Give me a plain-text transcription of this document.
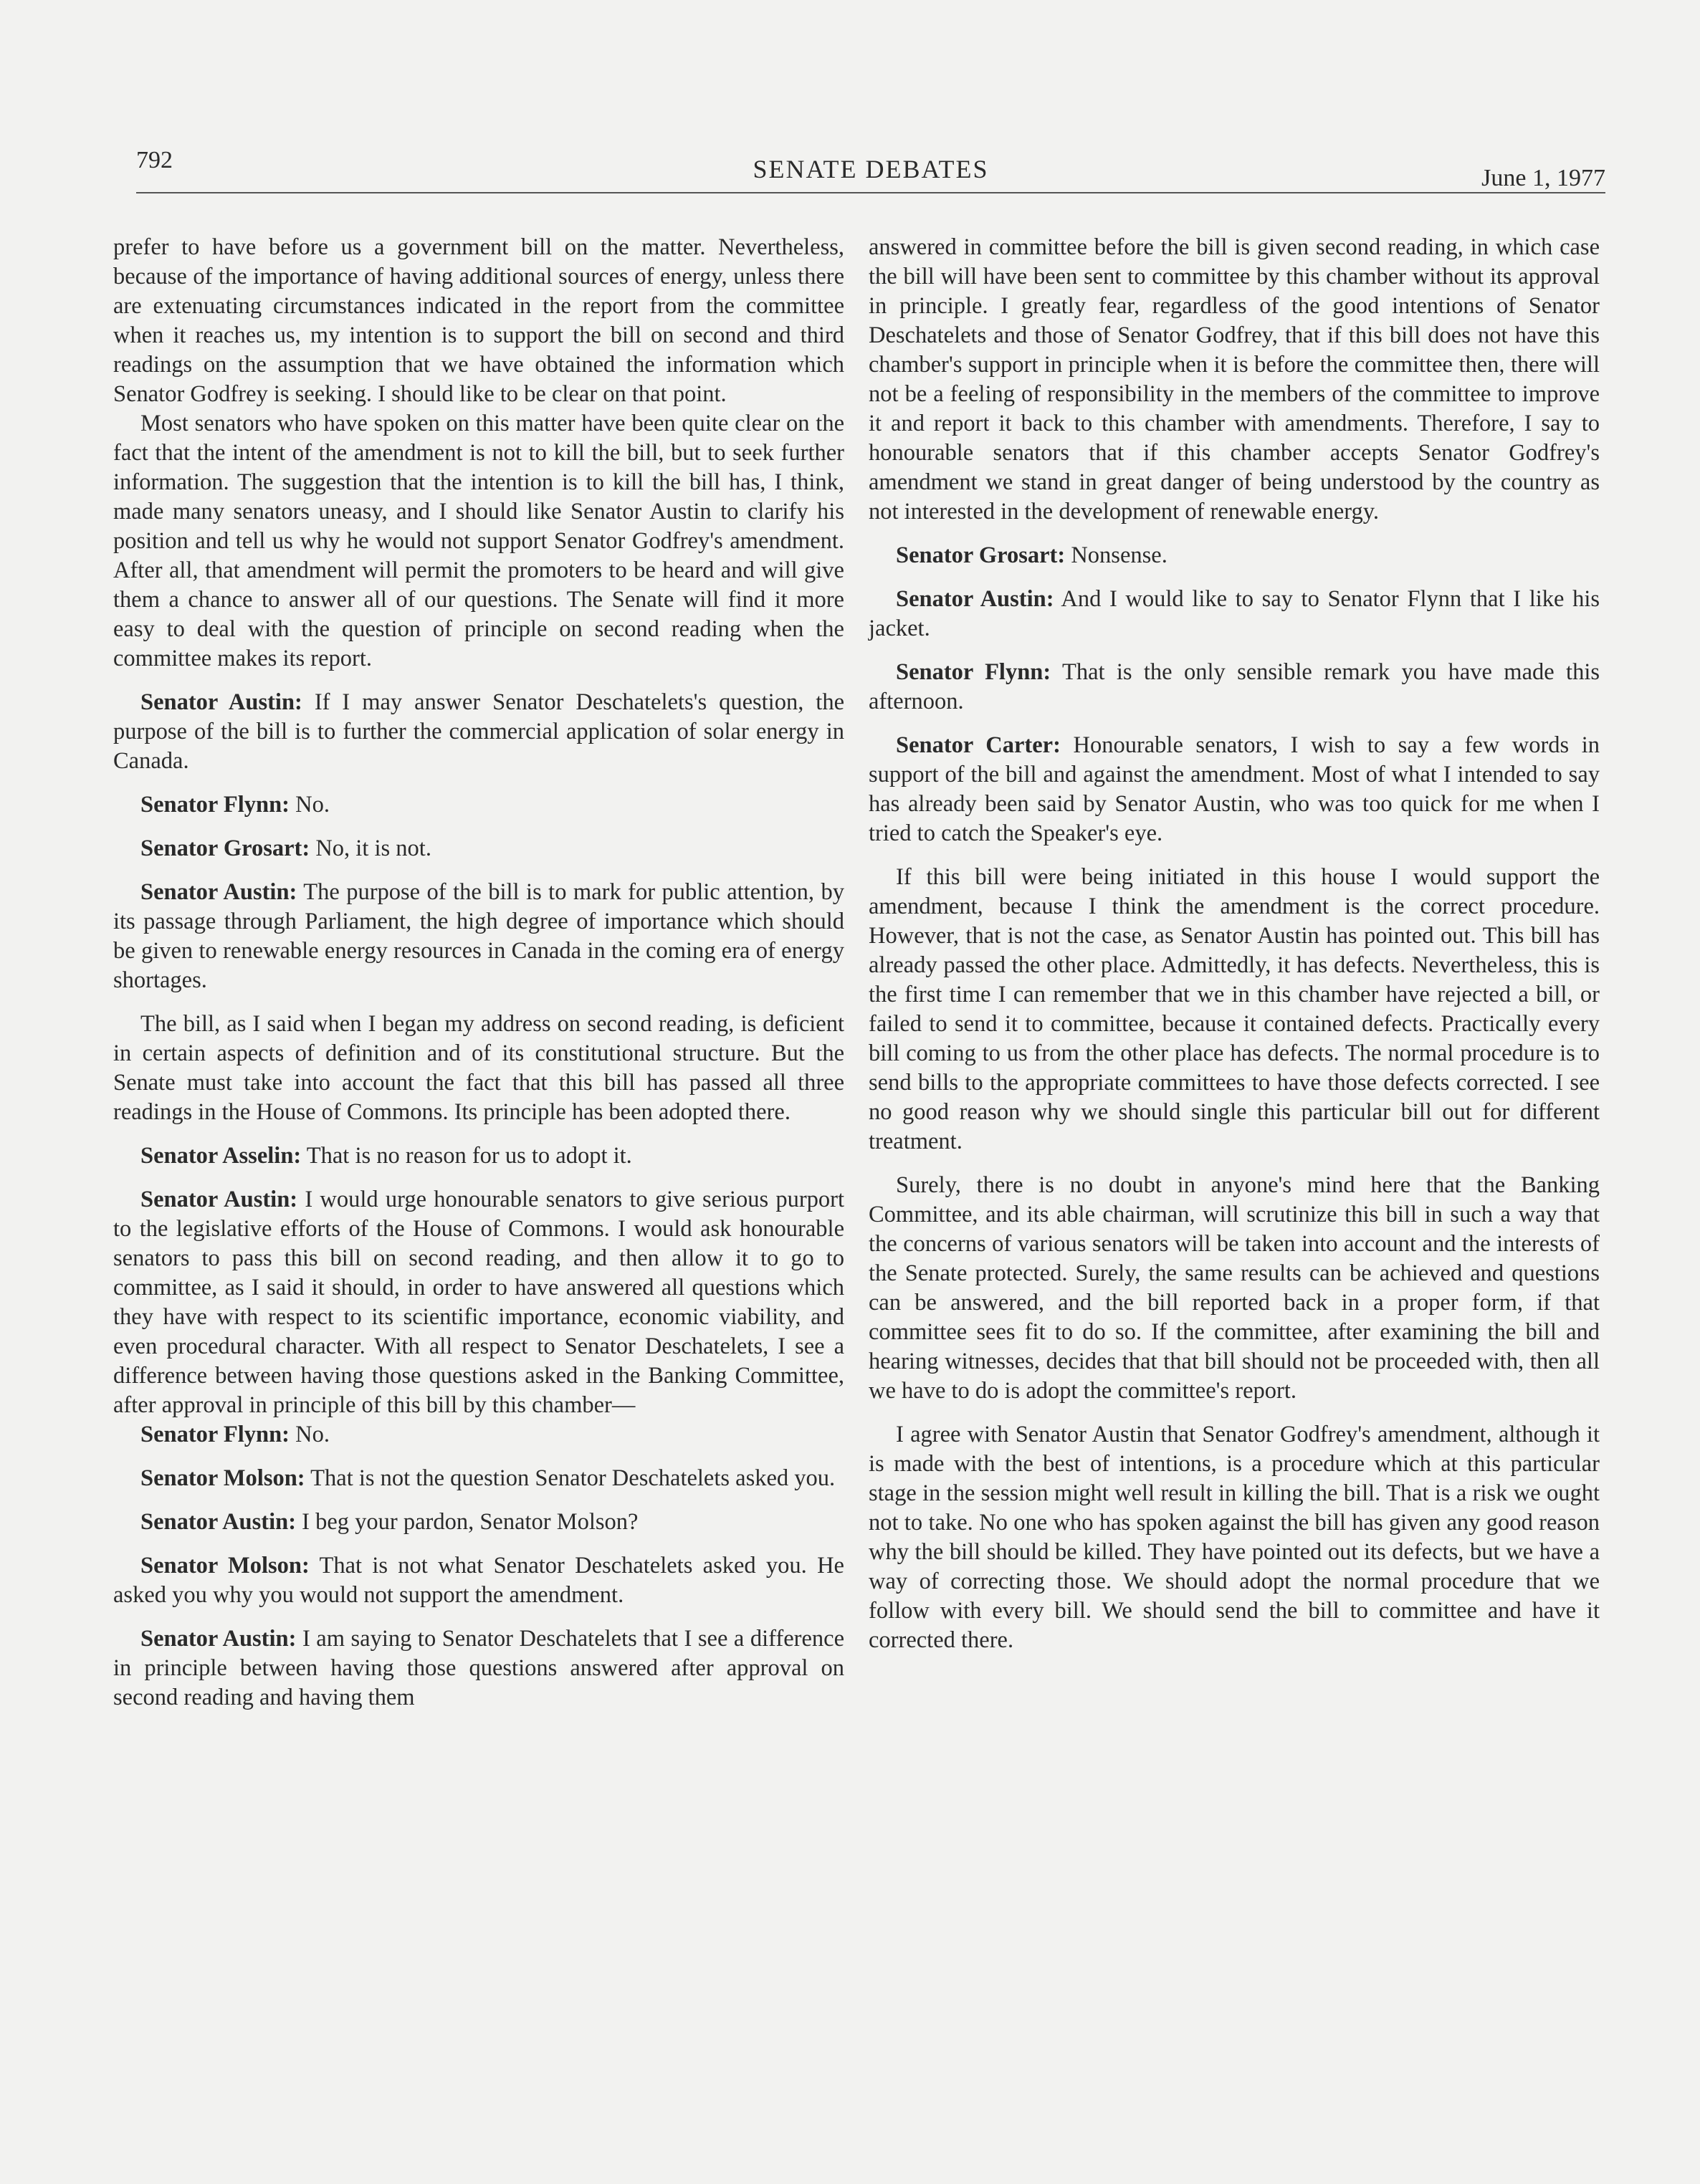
792	SENATE DEBATES	June 1, 1977

prefer to have before us a government bill on the matter. Nevertheless, because of the importance of having additional sources of energy, unless there are extenuating circumstances indicated in the report from the committee when it reaches us, my intention is to support the bill on second and third readings on the assumption that we have obtained the information which Senator Godfrey is seeking. I should like to be clear on that point.

Most senators who have spoken on this matter have been quite clear on the fact that the intent of the amendment is not to kill the bill, but to seek further information. The suggestion that the intention is to kill the bill has, I think, made many senators uneasy, and I should like Senator Austin to clarify his position and tell us why he would not support Senator Godfrey's amendment. After all, that amendment will permit the promoters to be heard and will give them a chance to answer all of our questions. The Senate will find it more easy to deal with the question of principle on second reading when the committee makes its report.

Senator Austin: If I may answer Senator Deschatelets's question, the purpose of the bill is to further the commercial application of solar energy in Canada.

Senator Flynn: No.

Senator Grosart: No, it is not.

Senator Austin: The purpose of the bill is to mark for public attention, by its passage through Parliament, the high degree of importance which should be given to renewable energy resources in Canada in the coming era of energy shortages.

The bill, as I said when I began my address on second reading, is deficient in certain aspects of definition and of its constitutional structure. But the Senate must take into account the fact that this bill has passed all three readings in the House of Commons. Its principle has been adopted there.

Senator Asselin: That is no reason for us to adopt it.

Senator Austin: I would urge honourable senators to give serious purport to the legislative efforts of the House of Commons. I would ask honourable senators to pass this bill on second reading, and then allow it to go to committee, as I said it should, in order to have answered all questions which they have with respect to its scientific importance, economic viability, and even procedural character. With all respect to Senator Deschatelets, I see a difference between having those questions asked in the Banking Committee, after approval in principle of this bill by this chamber—

Senator Flynn: No.

Senator Molson: That is not the question Senator Deschatelets asked you.

Senator Austin: I beg your pardon, Senator Molson?

Senator Molson: That is not what Senator Deschatelets asked you. He asked you why you would not support the amendment.

Senator Austin: I am saying to Senator Deschatelets that I see a difference in principle between having those questions answered after approval on second reading and having them

answered in committee before the bill is given second reading, in which case the bill will have been sent to committee by this chamber without its approval in principle. I greatly fear, regardless of the good intentions of Senator Deschatelets and those of Senator Godfrey, that if this bill does not have this chamber's support in principle when it is before the committee then, there will not be a feeling of responsibility in the members of the committee to improve it and report it back to this chamber with amendments. Therefore, I say to honourable senators that if this chamber accepts Senator Godfrey's amendment we stand in great danger of being understood by the country as not interested in the development of renewable energy.

Senator Grosart: Nonsense.

Senator Austin: And I would like to say to Senator Flynn that I like his jacket.

Senator Flynn: That is the only sensible remark you have made this afternoon.

Senator Carter: Honourable senators, I wish to say a few words in support of the bill and against the amendment. Most of what I intended to say has already been said by Senator Austin, who was too quick for me when I tried to catch the Speaker's eye.

If this bill were being initiated in this house I would support the amendment, because I think the amendment is the correct procedure. However, that is not the case, as Senator Austin has pointed out. This bill has already passed the other place. Admittedly, it has defects. Nevertheless, this is the first time I can remember that we in this chamber have rejected a bill, or failed to send it to committee, because it contained defects. Practically every bill coming to us from the other place has defects. The normal procedure is to send bills to the appropriate committees to have those defects corrected. I see no good reason why we should single this particular bill out for different treatment.

Surely, there is no doubt in anyone's mind here that the Banking Committee, and its able chairman, will scrutinize this bill in such a way that the concerns of various senators will be taken into account and the interests of the Senate protected. Surely, the same results can be achieved and questions can be answered, and the bill reported back in a proper form, if that committee sees fit to do so. If the committee, after examining the bill and hearing witnesses, decides that that bill should not be proceeded with, then all we have to do is adopt the committee's report.

I agree with Senator Austin that Senator Godfrey's amendment, although it is made with the best of intentions, is a procedure which at this particular stage in the session might well result in killing the bill. That is a risk we ought not to take. No one who has spoken against the bill has given any good reason why the bill should be killed. They have pointed out its defects, but we have a way of correcting those. We should adopt the normal procedure that we follow with every bill. We should send the bill to committee and have it corrected there.
